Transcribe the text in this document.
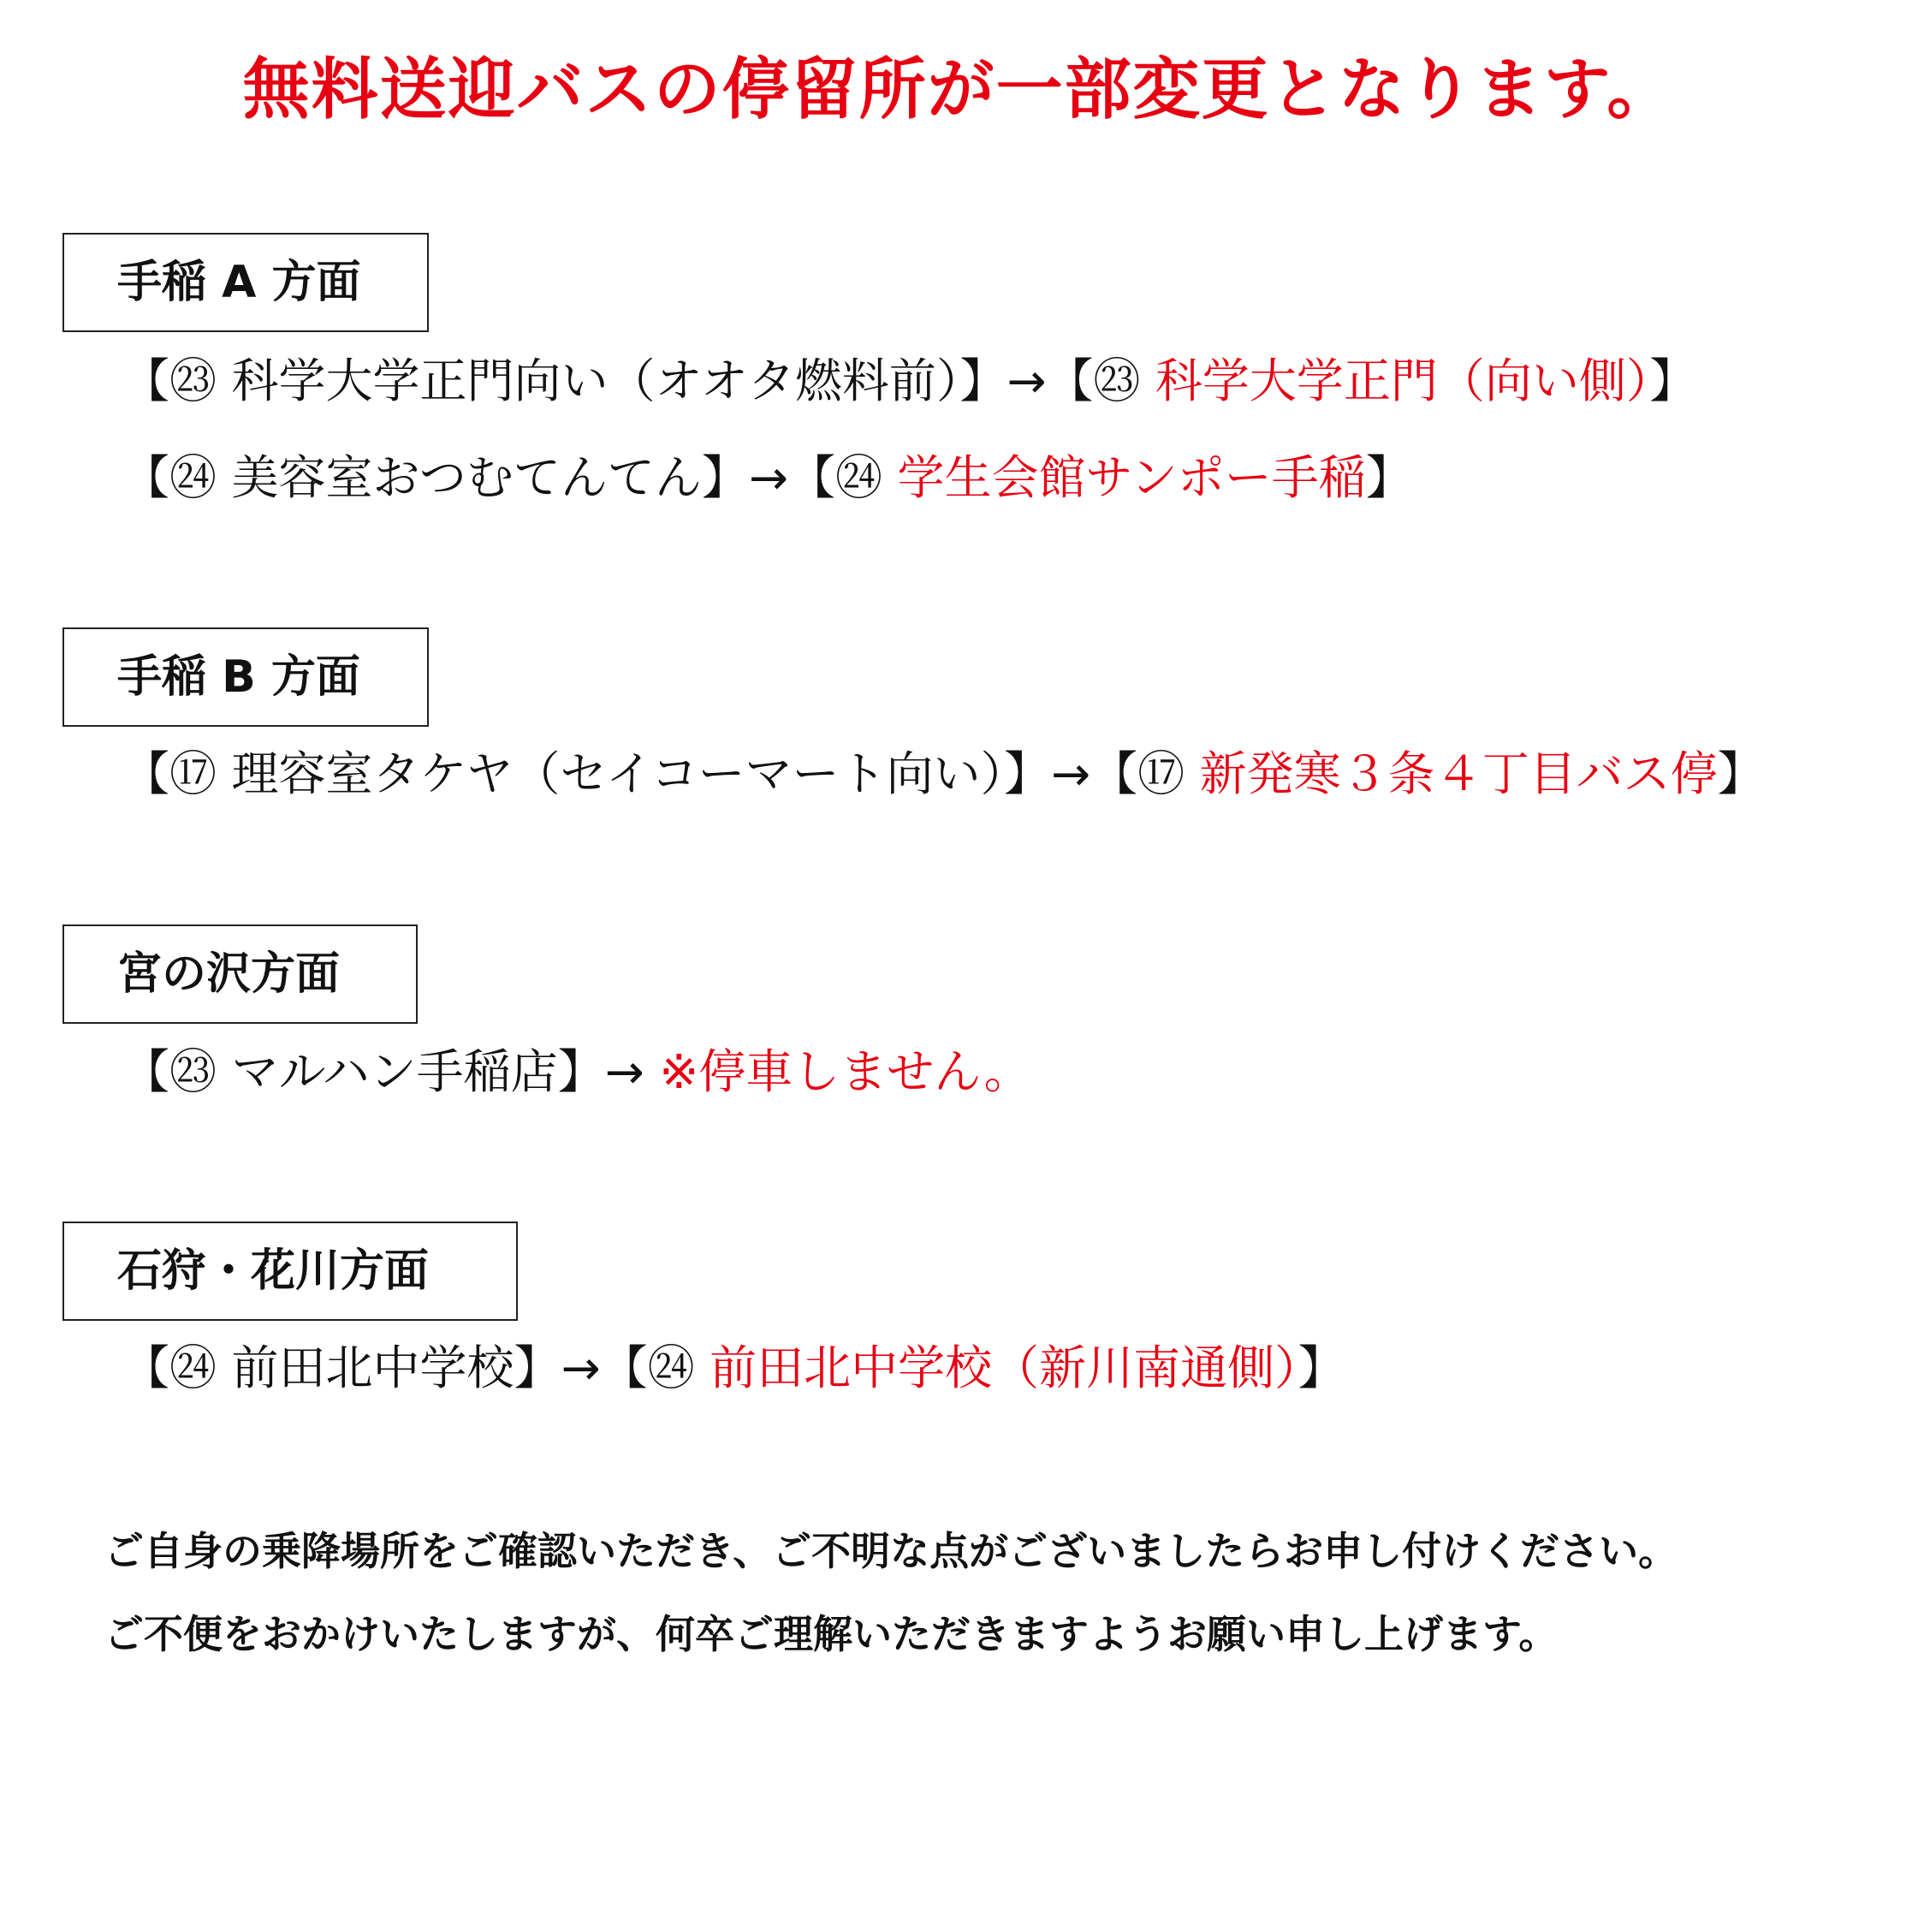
無料送迎バスの停留所が一部変更となります。
手稲 A 方面
【㉓ 科学大学正門向い（オオタ燃料前）】→【㉓ 科学大学正門（向い側）】
【㉔ 美容室おつむてんてん】→【㉔ 学生会館サンポー手稲】
手稲 B 方面
【⑰ 理容室タケヤ（セイコーマート向い）】→【⑰ 新発寒３条４丁目バス停】
宮の沢方面
【㉓ マルハン手稲店】→ ※停車しません。
石狩・花川方面
【㉔ 前田北中学校】→【㉔ 前田北中学校（新川南通側）】
ご自身の乗降場所をご確認いただき、ご不明な点がございましたらお申し付けください。
ご不便をおかけいたしますが、何卒ご理解いただきますようお願い申し上げます。
